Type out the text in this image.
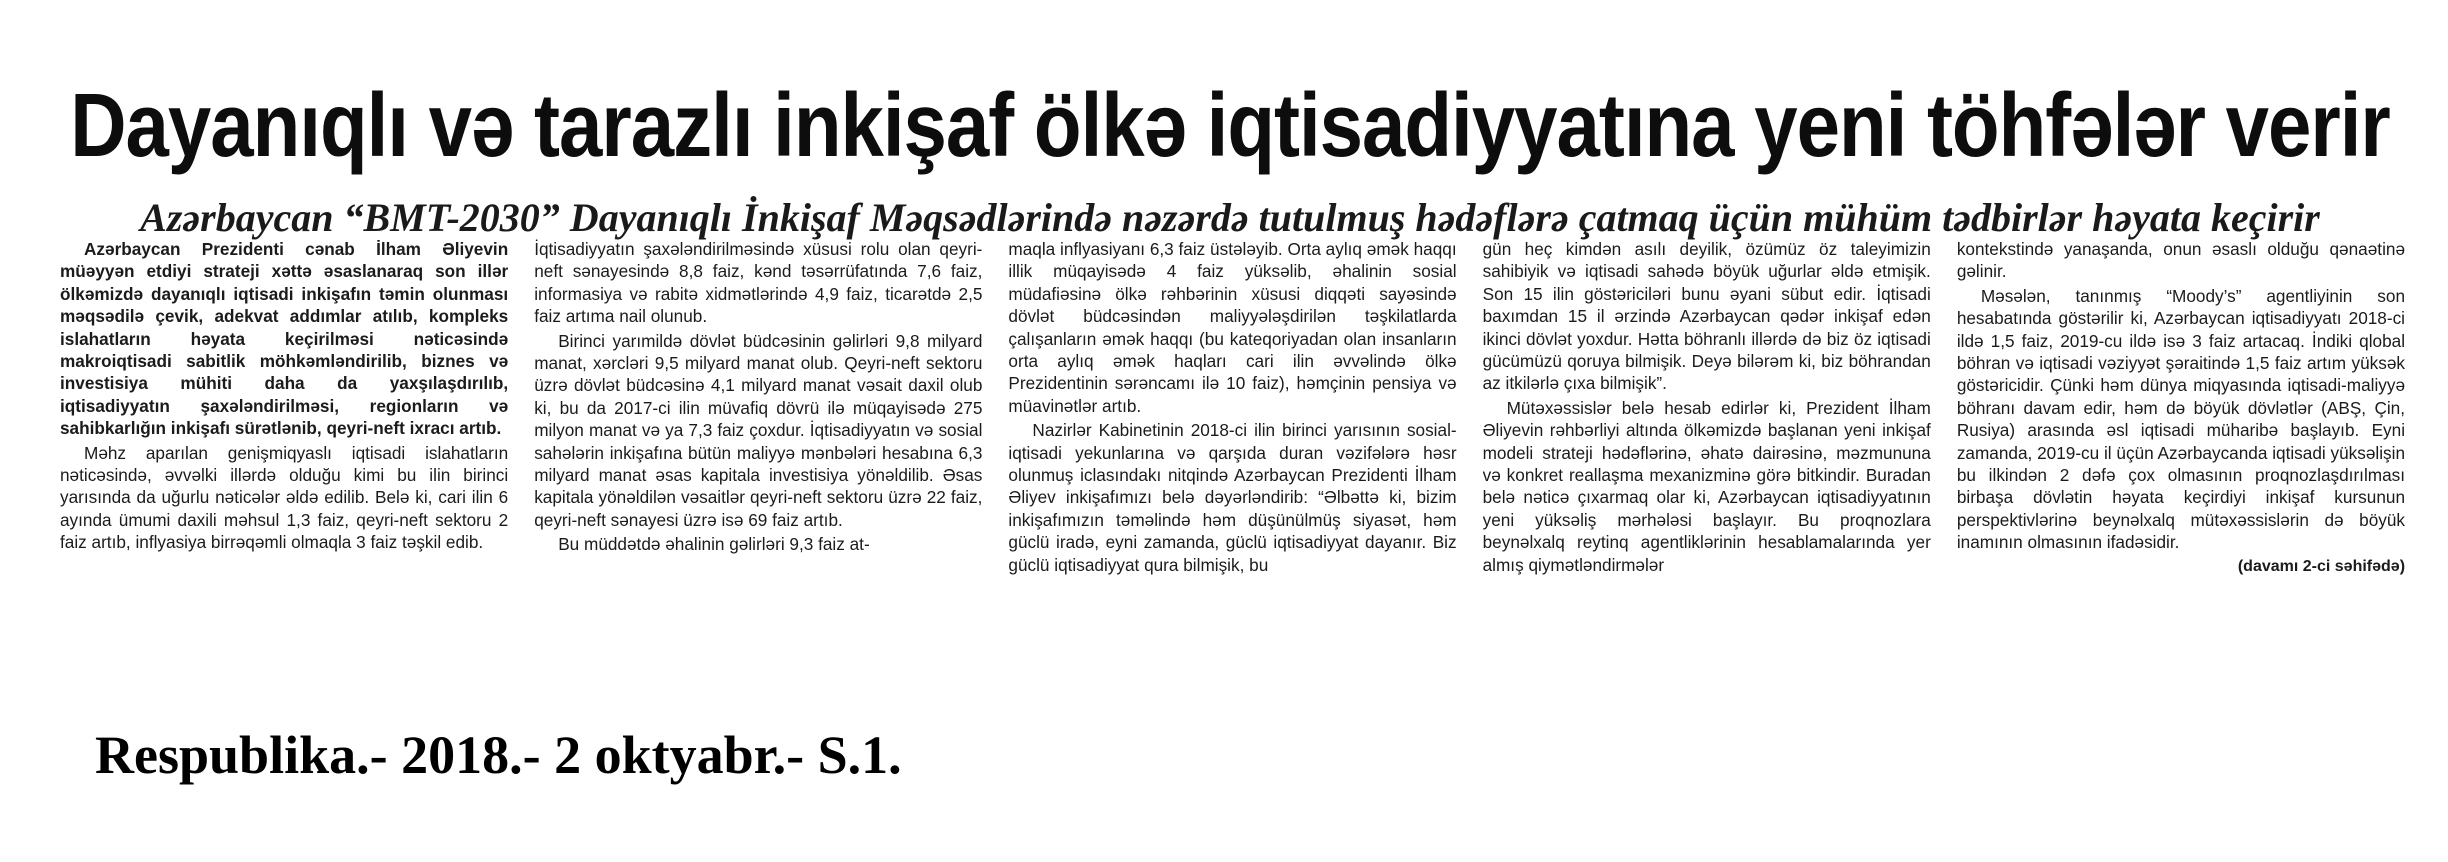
Dayanıqlı və tarazlı inkişaf ölkə iqtisadiyyatına yeni töhfələr verir
Azərbaycan “BMT-2030” Dayanıqlı İnkişaf Məqsədlərində nəzərdə tutulmuş hədəflərə çatmaq üçün mühüm tədbirlər həyata keçirir

Azərbaycan Prezidenti cənab İlham Əliyevin müəyyən etdiyi strateji xəttə əsaslanaraq son illər ölkəmizdə dayanıqlı iqtisadi inkişafın təmin olunması məqsədilə çevik, adekvat addımlar atılıb, kompleks islahatların həyata keçirilməsi nəticəsində makroiqtisadi sabitlik möhkəmləndirilib, biznes və investisiya mühiti daha da yaxşılaşdırılıb, iqtisadiyyatın şaxələndirilməsi, regionların və sahibkarlığın inkişafı sürətlənib, qeyri-neft ixracı artıb.

Məhz aparılan genişmiqyaslı iqtisadi islahatların nəticəsində, əvvəlki illərdə olduğu kimi bu ilin birinci yarısında da uğurlu nəticələr əldə edilib. Belə ki, cari ilin 6 ayında ümumi daxili məhsul 1,3 faiz, qeyri-neft sektoru 2 faiz artıb, inflyasiya birrəqəmli olmaqla 3 faiz təşkil edib.

İqtisadiyyatın şaxələndirilməsində xüsusi rolu olan qeyri-neft sənayesində 8,8 faiz, kənd təsərrüfatında 7,6 faiz, informasiya və rabitə xidmətlərində 4,9 faiz, ticarətdə 2,5 faiz artıma nail olunub.

Birinci yarımildə dövlət büdcəsinin gəlirləri 9,8 milyard manat, xərcləri 9,5 milyard manat olub. Qeyri-neft sektoru üzrə dövlət büdcəsinə 4,1 milyard manat vəsait daxil olub ki, bu da 2017-ci ilin müvafiq dövrü ilə müqayisədə 275 milyon manat və ya 7,3 faiz çoxdur. İqtisadiyyatın və sosial sahələrin inkişafına bütün maliyyə mənbələri hesabına 6,3 milyard manat əsas kapitala investisiya yönəldilib. Əsas kapitala yönəldilən vəsaitlər qeyri-neft sektoru üzrə 22 faiz, qeyri-neft sənayesi üzrə isə 69 faiz artıb.

Bu müddətdə əhalinin gəlirləri 9,3 faiz at-

maqla inflyasiyanı 6,3 faiz üstələyib. Orta aylıq əmək haqqı illik müqayisədə 4 faiz yüksəlib, əhalinin sosial müdafiəsinə ölkə rəhbərinin xüsusi diqqəti sayəsində dövlət büdcəsindən maliyyələşdirilən təşkilatlarda çalışanların əmək haqqı (bu kateqoriyadan olan insanların orta aylıq əmək haqları cari ilin əvvəlində ölkə Prezidentinin sərəncamı ilə 10 faiz), həmçinin pensiya və müavinətlər artıb.

Nazirlər Kabinetinin 2018-ci ilin birinci yarısının sosial-iqtisadi yekunlarına və qarşıda duran vəzifələrə həsr olunmuş iclasındakı nitqində Azərbaycan Prezidenti İlham Əliyev inkişafımızı belə dəyərləndirib: “Əlbəttə ki, bizim inkişafımızın təməlində həm düşünülmüş siyasət, həm güclü iradə, eyni zamanda, güclü iqtisadiyyat dayanır. Biz güclü iqtisadiyyat qura bilmişik, bu

gün heç kimdən asılı deyilik, özümüz öz taleyimizin sahibiyik və iqtisadi sahədə böyük uğurlar əldə etmişik. Son 15 ilin göstəriciləri bunu əyani sübut edir. İqtisadi baxımdan 15 il ərzində Azərbaycan qədər inkişaf edən ikinci dövlət yoxdur. Hətta böhranlı illərdə də biz öz iqtisadi gücümüzü qoruya bilmişik. Deyə bilərəm ki, biz böhrandan az itkilərlə çıxa bilmişik”.

Mütəxəssislər belə hesab edirlər ki, Prezident İlham Əliyevin rəhbərliyi altında ölkəmizdə başlanan yeni inkişaf modeli strateji hədəflərinə, əhatə dairəsinə, məzmununa və konkret reallaşma mexanizminə görə bitkindir. Buradan belə nəticə çıxarmaq olar ki, Azərbaycan iqtisadiyyatının yeni yüksəliş mərhələsi başlayır. Bu proqnozlara beynəlxalq reytinq agentliklərinin hesablamalarında yer almış qiymətləndirmələr

kontekstində yanaşanda, onun əsaslı olduğu qənaətinə gəlinir.

Məsələn, tanınmış “Moody’s” agentliyinin son hesabatında göstərilir ki, Azərbaycan iqtisadiyyatı 2018-ci ildə 1,5 faiz, 2019-cu ildə isə 3 faiz artacaq. İndiki qlobal böhran və iqtisadi vəziyyət şəraitində 1,5 faiz artım yüksək göstəricidir. Çünki həm dünya miqyasında iqtisadi-maliyyə böhranı davam edir, həm də böyük dövlətlər (ABŞ, Çin, Rusiya) arasında əsl iqtisadi müharibə başlayıb. Eyni zamanda, 2019-cu il üçün Azərbaycanda iqtisadi yüksəlişin bu ilkindən 2 dəfə çox olmasının proqnozlaşdırılması birbaşa dövlətin həyata keçirdiyi inkişaf kursunun perspektivlərinə beynəlxalq mütəxəssislərin də böyük inamının olmasının ifadəsidir.

(davamı 2-ci səhifədə)
Respublika.- 2018.- 2 oktyabr.- S.1.
